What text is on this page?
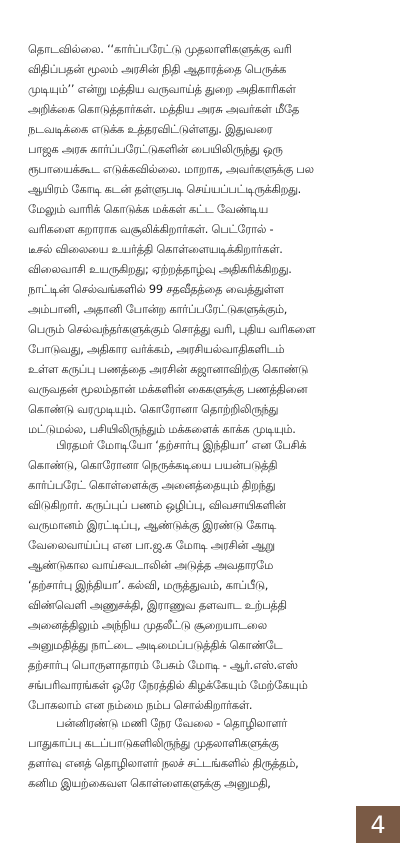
தொடவில்லை. ‘‘கார்ப்பரேட்டு முதலாளிகளுக்கு வரி
விதிப்பதன் மூலம் அரசின் நிதி ஆதாரத்தை பெருக்க
முடியும்’’ என்று மத்திய வருவாய்த் துறை அதிகாரிகள்
அறிக்கை கொடுத்தார்கள். மத்திய அரசு அவர்கள் மீதே
நடவடிக்கை எடுக்க உத்தரவிட்டுள்ளது. இதுவரை
பாஜக அரசு கார்ப்பரேட்டுகளின் பையிலிருந்து ஒரு
ரூபாயைக்கூட எடுக்கவில்லை. மாறாக, அவர்களுக்கு பல
ஆயிரம் கோடி கடன் தள்ளுபடி செய்யப்பட்டிருக்கிறது.
மேலும் வாரிக் கொடுக்க மக்கள் கட்ட வேண்டிய
வரிகளை கறாராக வசூலிக்கிறார்கள். பெட்ரோல் -
டீசல் விலையை உயர்த்தி கொள்ளையடிக்கிறார்கள்.
விலைவாசி உயருகிறது; ஏற்றத்தாழ்வு அதிகரிக்கிறது.
நாட்டின் செல்வங்களில் 99 சதவீதத்தை வைத்துள்ள
அம்பானி, அதானி போன்ற கார்ப்பரேட்டுகளுக்கும்,
பெரும் செல்வந்தர்களுக்கும் சொத்து வரி, புதிய வரிகளை
போடுவது, அதிகார வர்க்கம், அரசியல்வாதிகளிடம்
உள்ள கருப்பு பணத்தை அரசின் கஜானாவிற்கு கொண்டு
வருவதன் மூலம்தான் மக்களின் கைகளுக்கு பணத்தினை
கொண்டு வரமுடியும். கொரோனா தொற்றிலிருந்து
மட்டுமல்ல, பசியிலிருந்தும் மக்களைக் காக்க முடியும்.
பிரதமர் மோடியோ ‘தற்சார்பு இந்தியா’ என பேசிக்
கொண்டு, கொரோனா நெருக்கடியை பயன்படுத்தி
கார்ப்பரேட் கொள்ளைக்கு அனைத்தையும் திறந்து
விடுகிறார். கருப்புப் பணம் ஒழிப்பு, விவசாயிகளின்
வருமானம் இரட்டிப்பு, ஆண்டுக்கு இரண்டு கோடி
வேலைவாய்ப்பு என பா.ஜ.க மோடி அரசின் ஆறு
ஆண்டுகால வாய்சவடாலின் அடுத்த அவதாரமே
‘தற்சார்பு இந்தியா’. கல்வி, மருத்துவம், காப்பீடு,
விண்வெளி அணுசக்தி, இராணுவ தளவாட உற்பத்தி
அனைத்திலும் அந்நிய முதலீட்டு சூறையாடலை
அனுமதித்து நாட்டை அடிமைப்படுத்திக் கொண்டே
தற்சார்பு பொருளாதாரம் பேசும் மோடி - ஆர்.எஸ்.எஸ்
சங்பரிவாரங்கள் ஒரே நேரத்தில் கிழக்கேயும் மேற்கேயும்
போகலாம் என நம்மை நம்ப சொல்கிறார்கள்.
பன்னிரண்டு மணி நேர வேலை - தொழிலாளர்
பாதுகாப்பு கடப்பாடுகளிலிருந்து முதலாளிகளுக்கு
தளர்வு எனத் தொழிலாளர் நலச் சட்டங்களில் திருத்தம்,
கனிம இயற்கைவள கொள்ளைகளுக்கு அனுமதி,
4
